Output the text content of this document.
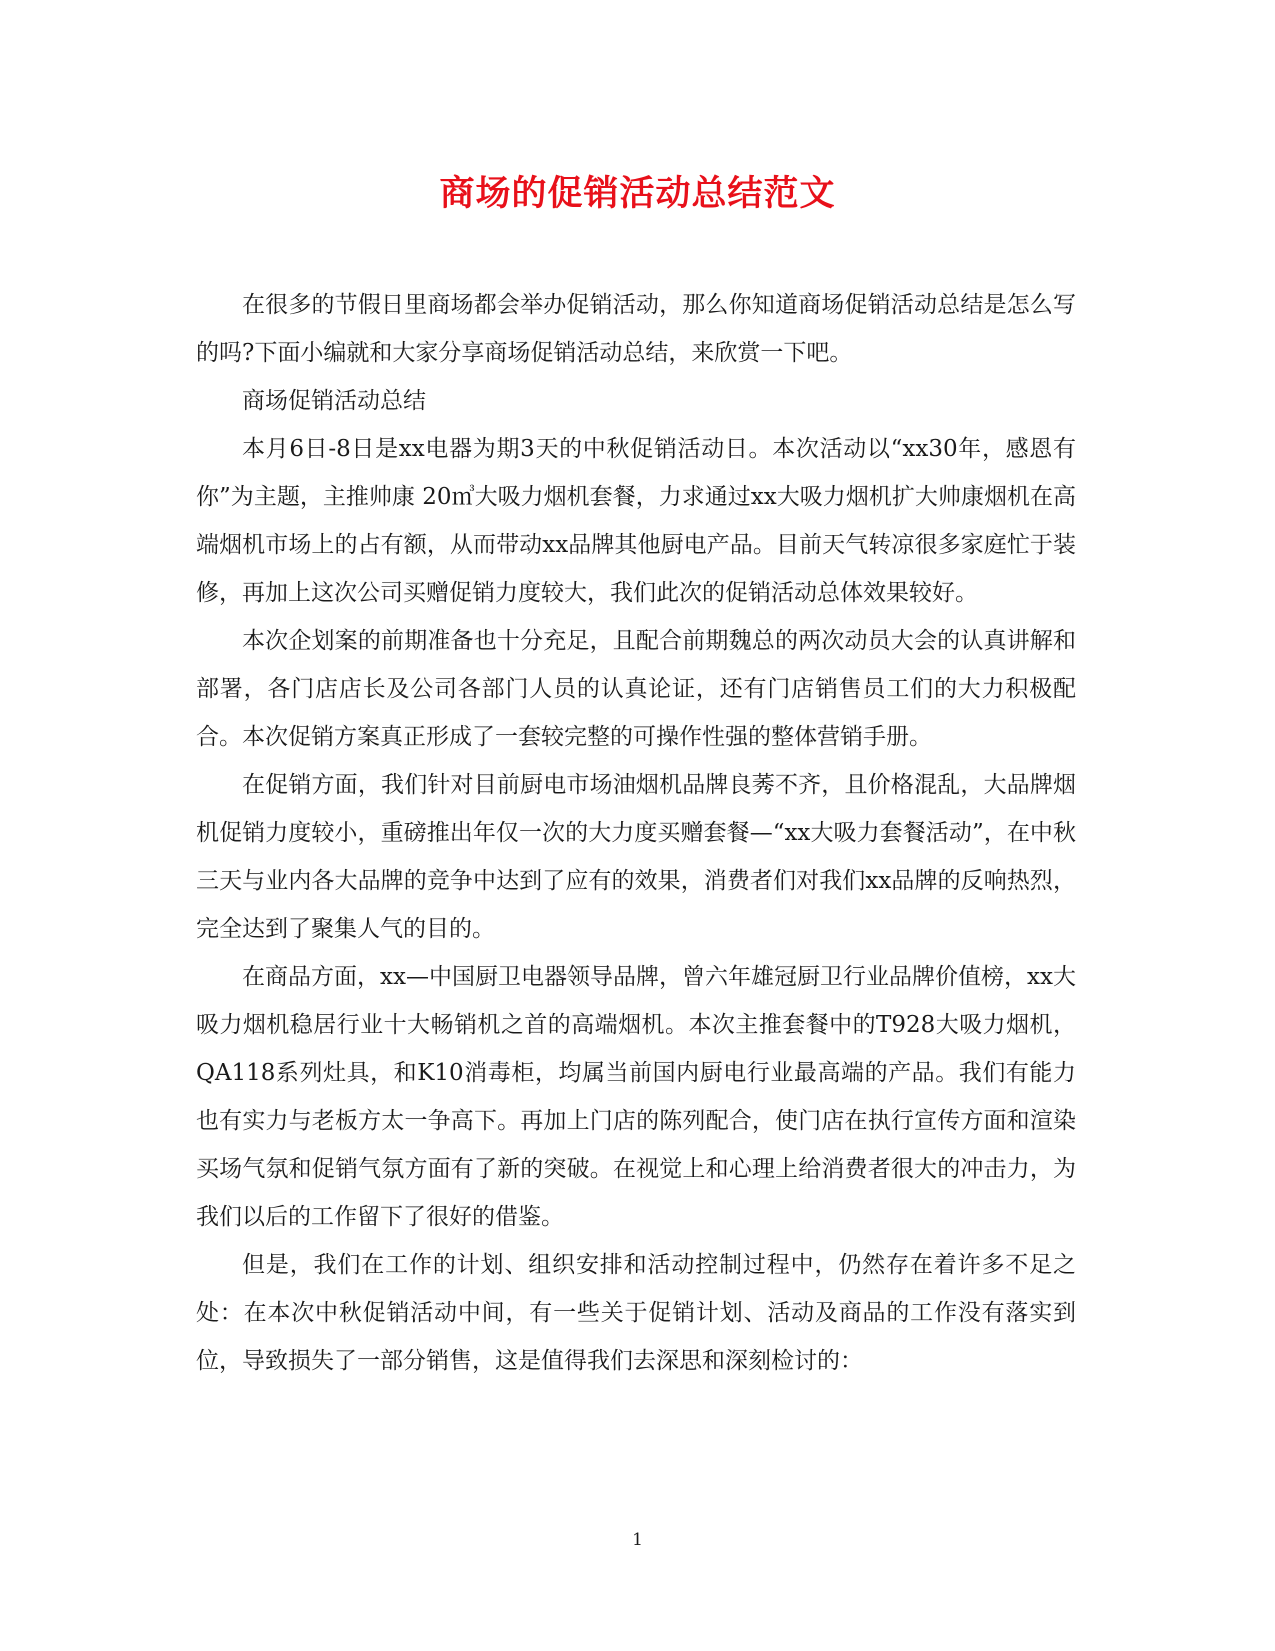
商场的促销活动总结范文

在很多的节假日里商场都会举办促销活动，那么你知道商场促销活动总结是怎么写的吗?下面小编就和大家分享商场促销活动总结，来欣赏一下吧。

商场促销活动总结

本月6日-8日是xx电器为期3天的中秋促销活动日。本次活动以“xx30年，感恩有你”为主题，主推帅康 20㎥大吸力烟机套餐，力求通过xx大吸力烟机扩大帅康烟机在高端烟机市场上的占有额，从而带动xx品牌其他厨电产品。目前天气转凉很多家庭忙于装修，再加上这次公司买赠促销力度较大，我们此次的促销活动总体效果较好。

本次企划案的前期准备也十分充足，且配合前期魏总的两次动员大会的认真讲解和部署，各门店店长及公司各部门人员的认真论证，还有门店销售员工们的大力积极配合。本次促销方案真正形成了一套较完整的可操作性强的整体营销手册。

在促销方面，我们针对目前厨电市场油烟机品牌良莠不齐，且价格混乱，大品牌烟机促销力度较小，重磅推出年仅一次的大力度买赠套餐—“xx大吸力套餐活动”，在中秋三天与业内各大品牌的竞争中达到了应有的效果，消费者们对我们xx品牌的反响热烈，完全达到了聚集人气的目的。

在商品方面，xx—中国厨卫电器领导品牌，曾六年雄冠厨卫行业品牌价值榜，xx大吸力烟机稳居行业十大畅销机之首的高端烟机。本次主推套餐中的T928大吸力烟机，QA118系列灶具，和K10消毒柜，均属当前国内厨电行业最高端的产品。我们有能力也有实力与老板方太一争高下。再加上门店的陈列配合，使门店在执行宣传方面和渲染买场气氛和促销气氛方面有了新的突破。在视觉上和心理上给消费者很大的冲击力，为我们以后的工作留下了很好的借鉴。

但是，我们在工作的计划、组织安排和活动控制过程中，仍然存在着许多不足之处：在本次中秋促销活动中间，有一些关于促销计划、活动及商品的工作没有落实到位，导致损失了一部分销售，这是值得我们去深思和深刻检讨的：

1
